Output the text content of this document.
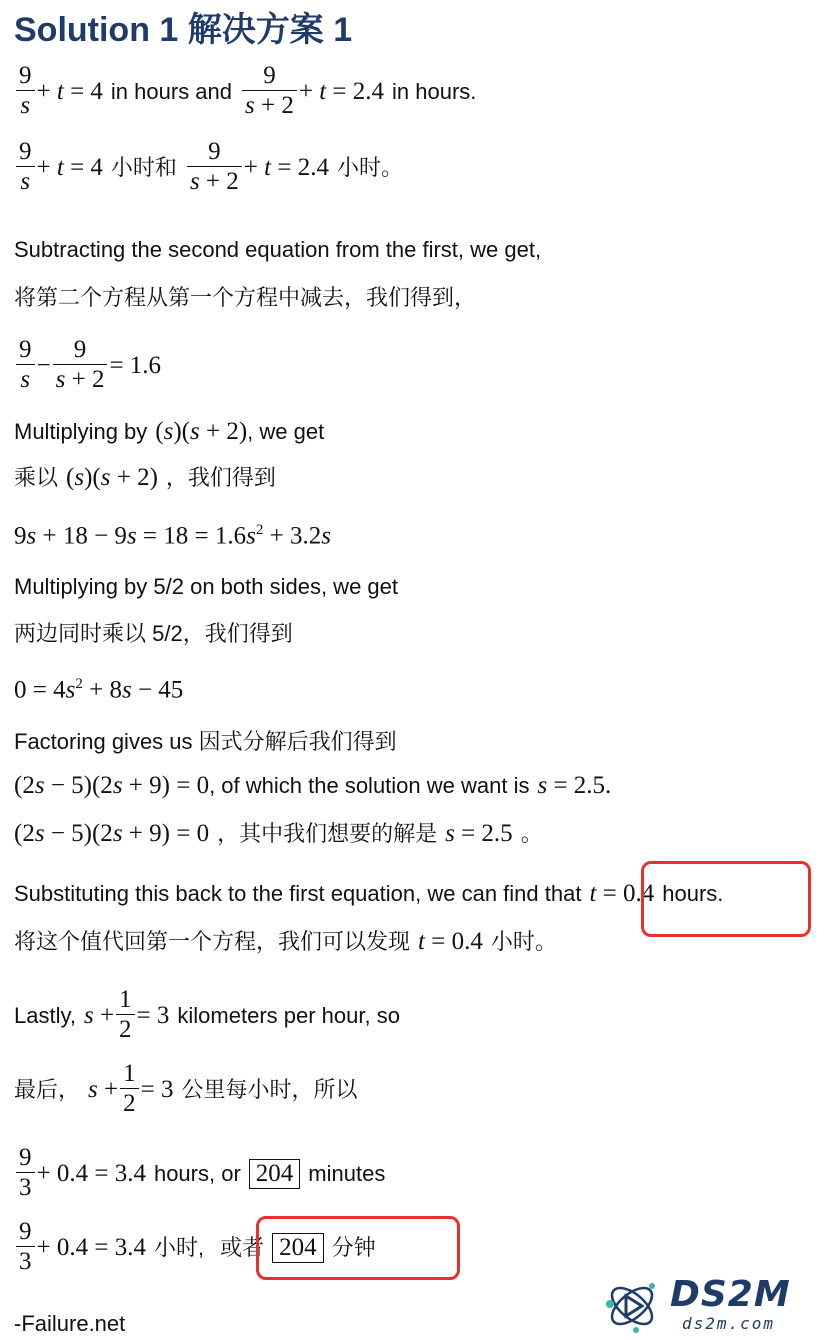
Solution 1 解决方案 1
$\frac{9}{s} + t = 4$ in hours and $\frac{9}{s + 2} + t = 2.4$ in hours.
$\frac{9}{s} + t = 4$ 小时和 $\frac{9}{s + 2} + t = 2.4$ 小时。
Subtracting the second equation from the first, we get,
将第二个方程从第一个方程中减去，我们得到，
$\frac{9}{s} - \frac{9}{s + 2} = 1.6$
Multiplying by (s)(s + 2) , we get
乘以 (s)(s + 2) ，我们得到
$9s + 18 - 9s = 18 = 1.6s^2 + 3.2s$
Multiplying by 5/2 on both sides, we get
两边同时乘以 5/2，我们得到
$0 = 4s^2 + 8s - 45$
Factoring gives us 因式分解后我们得到
(2s − 5)(2s + 9) = 0 , of which the solution we want is s = 2.5.
(2s − 5)(2s + 9) = 0 ，其中我们想要的解是 s = 2.5 。
Substituting this back to the first equation, we can find that t = 0.4 hours.
将这个值代回第一个方程，我们可以发现 t = 0.4 小时。
Lastly, $s + \frac{1}{2} = 3$ kilometers per hour, so
最后， $s + \frac{1}{2} = 3$ 公里每小时，所以
$\frac{9}{3} + 0.4 = 3.4$ hours, or 204 minutes
$\frac{9}{3} + 0.4 = 3.4$ 小时, 或者 204 分钟
-Failure.net
DS2M
ds2m.com
